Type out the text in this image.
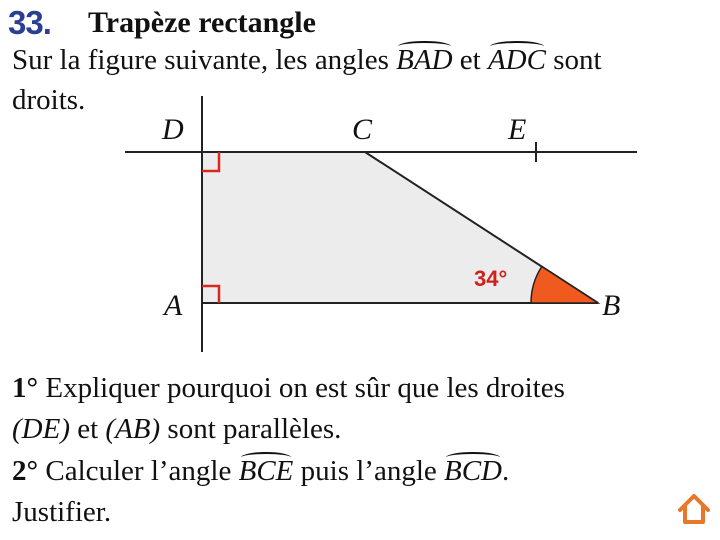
33. Trapèze rectangle
Sur la figure suivante, les angles BAD et ADC sont
droits.
D	C	E
A	B
34°
1° Expliquer pourquoi on est sûr que les droites
(DE) et (AB) sont parallèles.
2° Calculer l’angle BCE puis l’angle BCD.
Justifier.
